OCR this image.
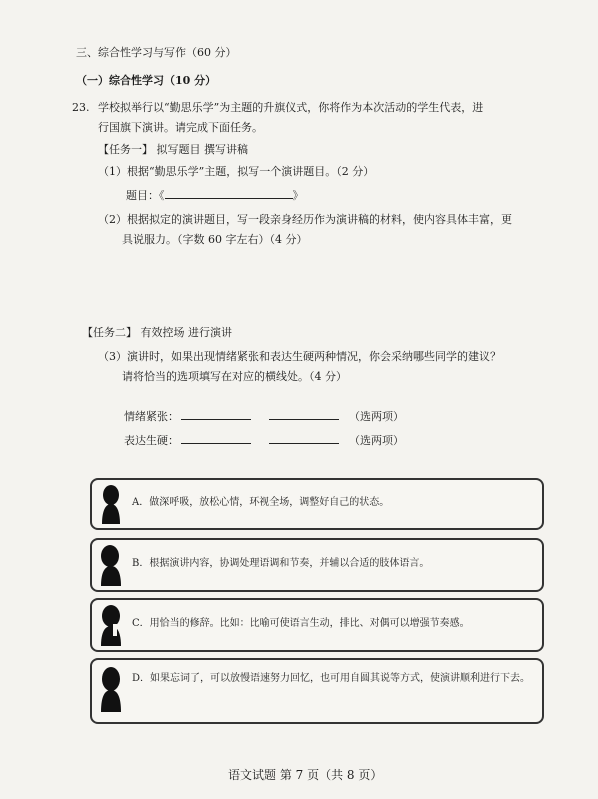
三、综合性学习与写作（60 分）
（一）综合性学习（10 分）
23. 学校拟举行以“勤思乐学”为主题的升旗仪式，你将作为本次活动的学生代表，进
行国旗下演讲。请完成下面任务。
【任务一】 拟写题目 撰写讲稿
（1）根据“勤思乐学”主题，拟写一个演讲题目。（2 分）
题目：《	》
（2）根据拟定的演讲题目，写一段亲身经历作为演讲稿的材料，使内容具体丰富，更
具说服力。（字数 60 字左右）（4 分）
【任务二】 有效控场 进行演讲
（3）演讲时，如果出现情绪紧张和表达生硬两种情况，你会采纳哪些同学的建议？
请将恰当的选项填写在对应的横线处。（4 分）
情绪紧张：	（选两项）
表达生硬：	（选两项）
A．做深呼吸，放松心情，环视全场，调整好自己的状态。
B．根据演讲内容，协调处理语调和节奏，并辅以合适的肢体语言。
C．用恰当的修辞。比如：比喻可使语言生动，排比、对偶可以增强节奏感。
D．如果忘词了，可以放慢语速努力回忆，也可用自圆其说等方式，使演讲顺利进行下去。
语文试题 第 7 页（共 8 页）
